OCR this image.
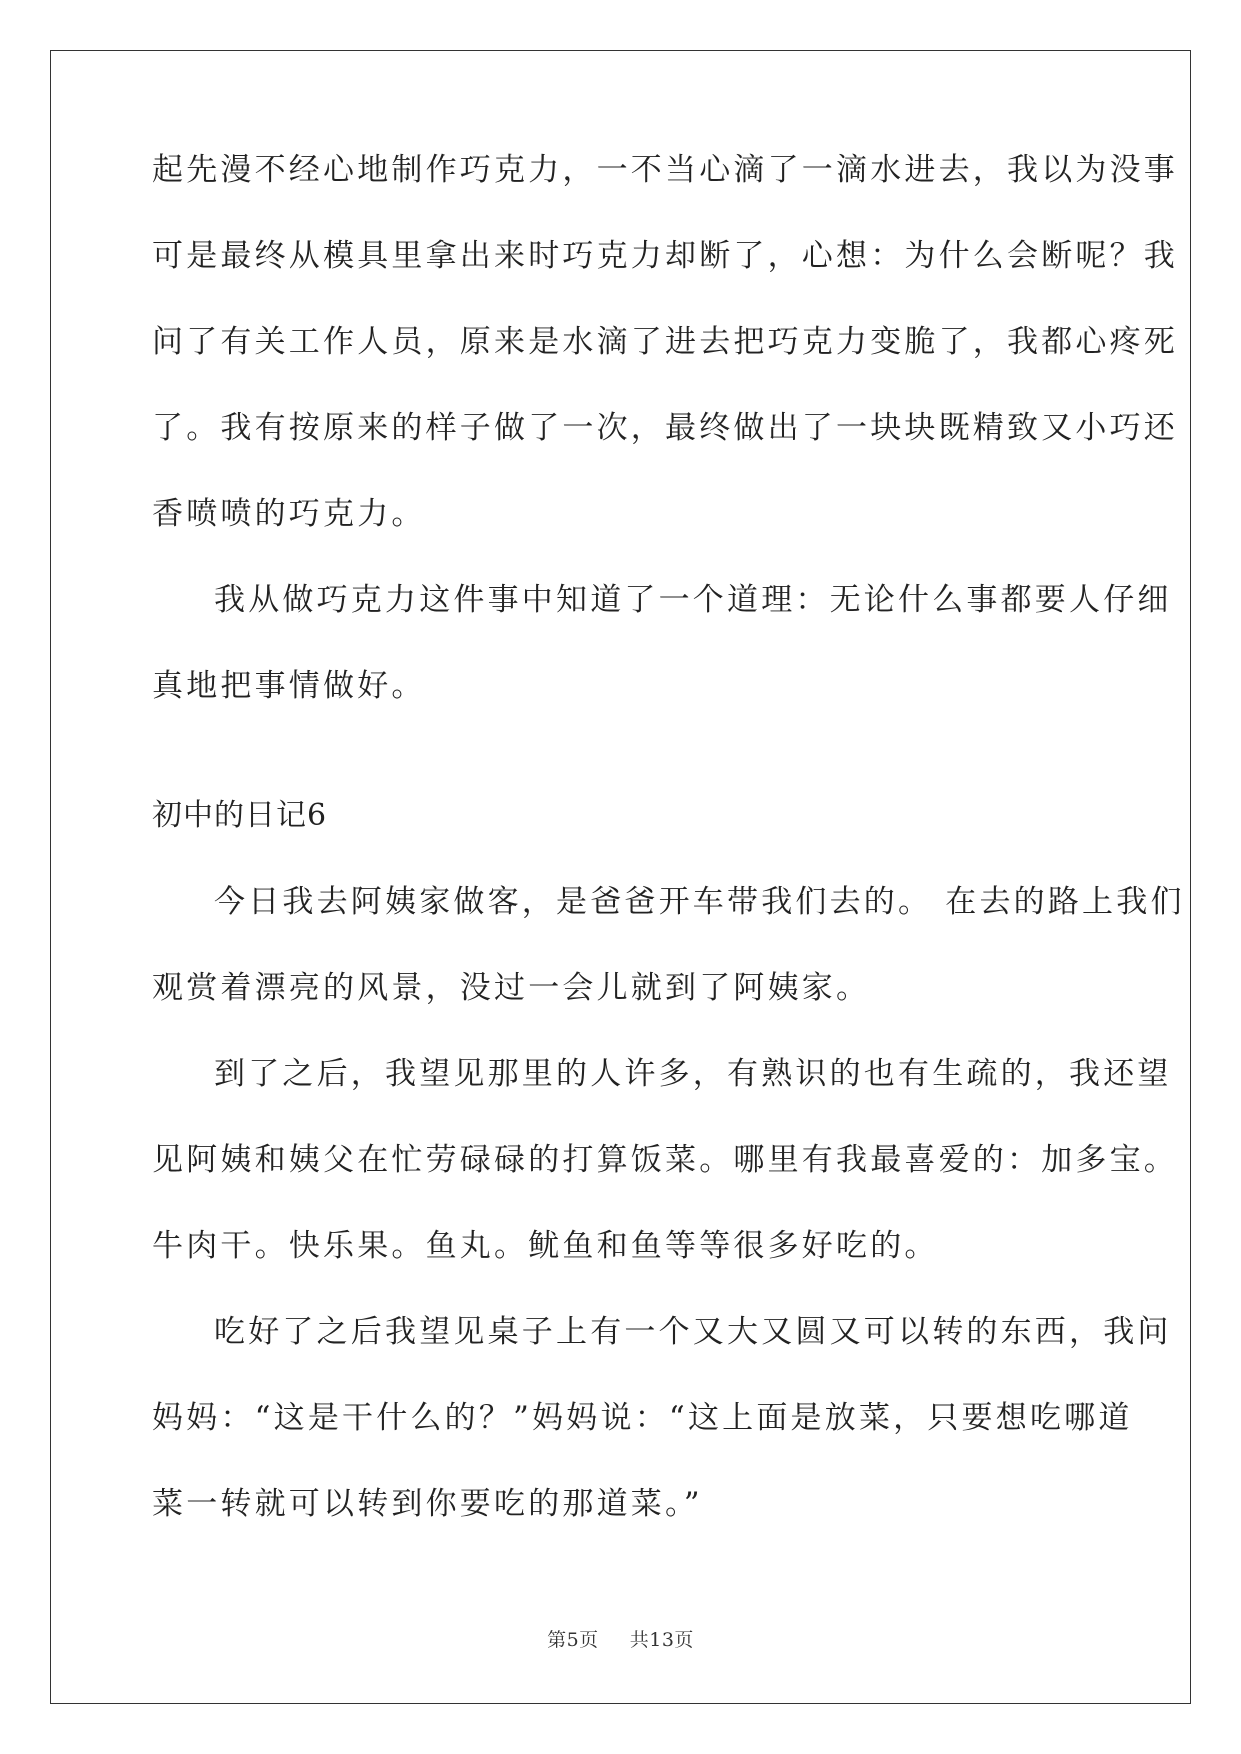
起先漫不经心地制作巧克力，一不当心滴了一滴水进去，我以为没事
可是最终从模具里拿出来时巧克力却断了，心想：为什么会断呢？我
问了有关工作人员，原来是水滴了进去把巧克力变脆了，我都心疼死
了。我有按原来的样子做了一次，最终做出了一块块既精致又小巧还
香喷喷的巧克力。
我从做巧克力这件事中知道了一个道理：无论什么事都要人仔细
真地把事情做好。
初中的日记6
今日我去阿姨家做客，是爸爸开车带我们去的。 在去的路上我们
观赏着漂亮的风景，没过一会儿就到了阿姨家。
到了之后，我望见那里的人许多，有熟识的也有生疏的，我还望
见阿姨和姨父在忙劳碌碌的打算饭菜。哪里有我最喜爱的：加多宝。
牛肉干。快乐果。鱼丸。鱿鱼和鱼等等很多好吃的。
吃好了之后我望见桌子上有一个又大又圆又可以转的东西，我问
妈妈：“这是干什么的？”妈妈说：“这上面是放菜，只要想吃哪道
菜一转就可以转到你要吃的那道菜。”
第5页 共13页
